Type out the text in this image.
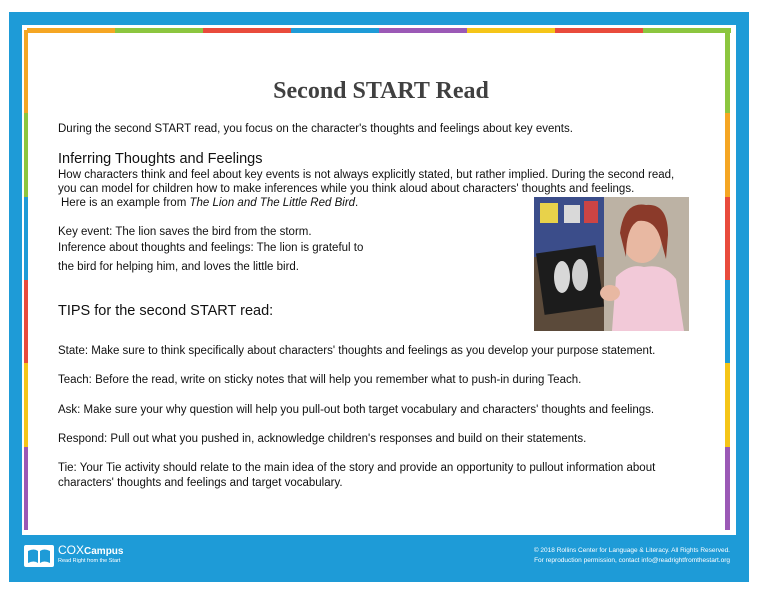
Second START Read
During the second START read, you focus on the character's thoughts and feelings about key events.
Inferring Thoughts and Feelings
How characters think and feel about key events is not always explicitly stated, but rather implied. During the second read,
you can model for children how to make inferences while you think aloud about characters' thoughts and feelings.
Here is an example from The Lion and The Little Red Bird.
Key event: The lion saves the bird from the storm.
Inference about thoughts and feelings: The lion is grateful to
the bird for helping him, and loves the little bird.
TIPS for the second START read:
State: Make sure to think specifically about characters' thoughts and feelings as you develop your purpose statement.
Teach: Before the read, write on sticky notes that will help you remember what to push-in during Teach.
Ask: Make sure your why question will help you pull-out both target vocabulary and characters' thoughts and feelings.
Respond: Pull out what you pushed in, acknowledge children's responses and build on their statements.
Tie: Your Tie activity should relate to the main idea of the story and provide an opportunity to pullout information about
characters' thoughts and feelings and target vocabulary.
COXCampus
Read Right from the Start
© 2018 Rollins Center for Language & Literacy. All Rights Reserved.
For reproduction permission, contact info@readrightfromthestart.org
